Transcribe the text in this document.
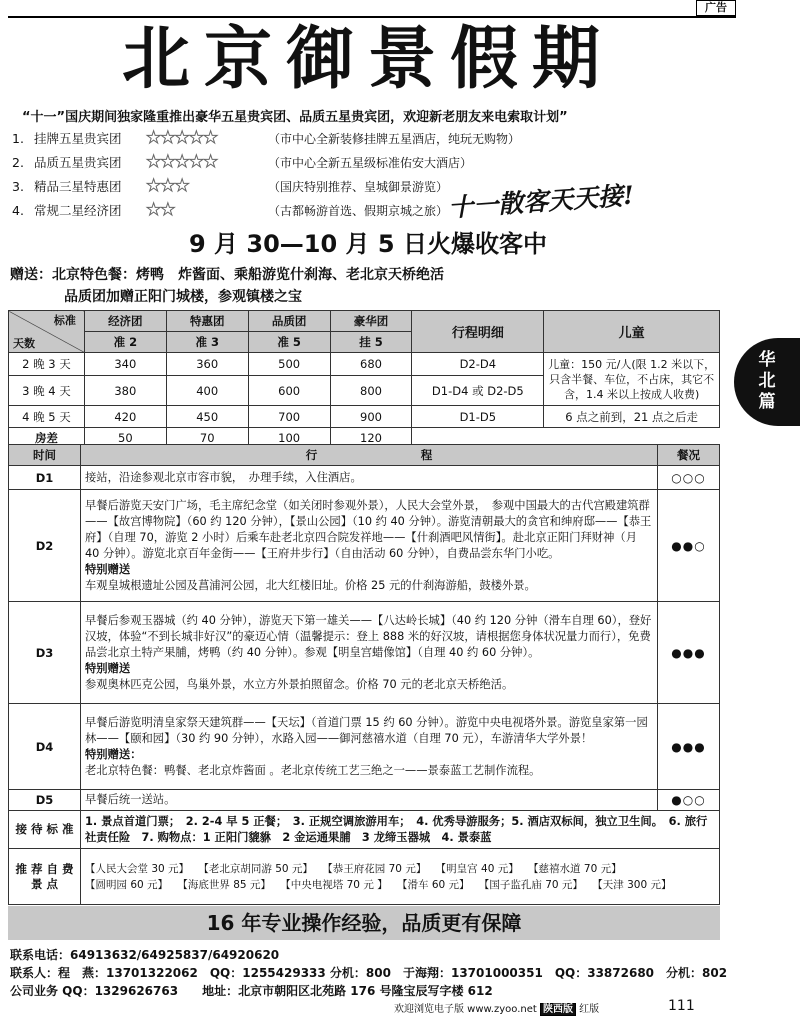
广告
北京御景假期
“十一”国庆期间独家隆重推出豪华五星贵宾团、品质五星贵宾团，欢迎新老朋友来电索取计划”
1. 挂牌五星贵宾团 ★★★★★	（市中心全新装修挂牌五星酒店，纯玩无购物）
2. 品质五星贵宾团 ★★★★★	（市中心全新五星级标准佑安大酒店）
3. 精品三星特惠团 ★★★	（国庆特别推荐、皇城御景游览）
4. 常规二星经济团 ★★	（古都畅游首选、假期京城之旅） 十一散客天天接!
9 月 30—10 月 5 日火爆收客中
赠送：北京特色餐：烤鸭　炸酱面、乘船游览什刹海、老北京天桥绝活
品质团加赠正阳门城楼，参观镇楼之宝
华
北
篇
标准
天数	经济团	特惠团	品质团	豪华团	行程明细	儿童
	准 2	准 3	准 5	挂 5		
2 晚 3 天	340	360	500	680	D2-D4	儿童：150 元/人(限 1.2 米以下，只含半餐、车位，不占床，其它不含，1.4 米以上按成人收费)
3 晚 4 天	380	400	600	800	D1-D4 或 D2-D5	
4 晚 5 天	420	450	700	900	D1-D5	6 点之前到，21 点之后走
房差	50	70	100	120		
时间	行　　　　　　　　　程	餐况
D1	接站，沿途参观北京市容市貌，　办理手续，入住酒店。	○○○
D2	早餐后游览天安门广场，毛主席纪念堂（如关闭时参观外景），人民大会堂外景，　参观中国最大的古代宫殿建筑群——【故宫博物院】（60 约 120 分钟），【景山公园】（10 约 40 分钟）。游览清朝最大的贪官和绅府邸——【恭王府】（自理 70，游览 2 小时）后乘车赴老北京四合院发祥地——【什刹酒吧风情街】。赴北京正阳门拜财神（月 40 分钟）。游览北京百年金街——【王府井步行】（自由活动 60 分钟），自费品尝东华门小吃。

特别赠送

车观皇城根遗址公园及菖浦河公园，北大红楼旧址。价格 25 元的什刹海游船，鼓楼外景。	●●○
D3	早餐后参观玉器城（约 40 分钟），游览天下第一雄关——【八达岭长城】（40 约 120 分钟（滑车自理 60），登好汉坡，体验“不到长城非好汉”的豪迈心情（温馨提示：登上 888 米的好汉坡，请根据您身体状况量力而行），免费品尝北京土特产果脯，烤鸭（约 40 分钟）。参观【明皇宫蜡像馆】（自理 40 约 60 分钟）。

特别赠送

参观奥林匹克公园，鸟巢外景，水立方外景拍照留念。价格 70 元的老北京天桥绝活。	●●●
D4	早餐后游览明清皇家祭天建筑群——【天坛】（首道门票 15 约 60 分钟）。游览中央电视塔外景。游览皇家第一园林——【颐和园】（30 约 90 分钟），水路入园——御河慈禧水道（自理 70 元），车游清华大学外景！

特别赠送：

老北京特色餐：鸭餐、老北京炸酱面 。老北京传统工艺三绝之一——景泰蓝工艺制作流程。	●●●
D5	早餐后统一送站。	●○○
接 待 标 准	1. 景点首道门票；　2. 2-4 早 5 正餐；　3. 正规空调旅游用车；　4. 优秀导游服务；5. 酒店双标间，独立卫生间。　6. 旅行社责任险　7. 购物点：1 正阳门貔貅　2 金运通果脯　3 龙缔玉器城　4. 景泰蓝	
推 荐 自 费 景 点	【人民大会堂 30 元】 【老北京胡同游 50 元】 【恭王府花园 70 元】 【明皇宫 40 元】 【慈禧水道 70 元】 【圆明园 60 元】 【海底世界 85 元】 【中央电视塔 70 元 】 【滑车 60 元】 【国子监孔庙 70 元】 【天津 300 元】	
16 年专业操作经验，品质更有保障
联系电话：64913632/64925837/64920620
联系人：程　燕：13701322062　QQ：1255429333 分机：800　于海翔：13701000351　QQ：33872680　分机：802
公司业务 QQ：1329626763　　地址：北京市朝阳区北苑路 176 号隆宝辰写字楼 612
欢迎浏览电子版 www.zyoo.net 陕西版 红版	111
